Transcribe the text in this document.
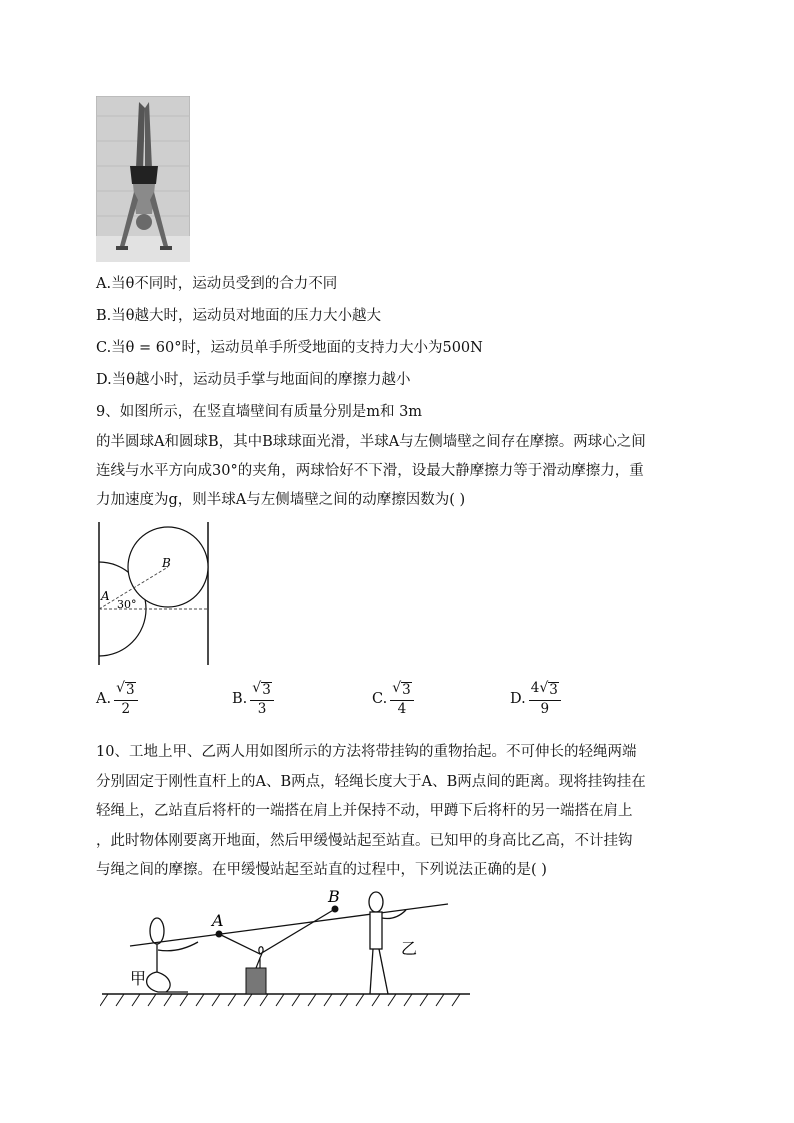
A.当θ不同时，运动员受到的合力不同
B.当θ越大时，运动员对地面的压力大小越大
C.当θ = 60°时，运动员单手所受地面的支持力大小为500N
D.当θ越小时，运动员手掌与地面间的摩擦力越小
9、如图所示，在竖直墙壁间有质量分别是m和 3m
的半圆球A和圆球B，其中B球球面光滑，半球A与左侧墙壁之间存在摩擦。两球心之间
连线与水平方向成30°的夹角，两球恰好不下滑，设最大静摩擦力等于滑动摩擦力，重
力加速度为g，则半球A与左侧墙壁之间的动摩擦因数为( )
B
A
30°
A. $\frac{√ 3}{2}$	B. $\frac{√ 3}{3}$	C. $\frac{√ 3}{4}$	D. $\frac{4 √ 3}{9}$
10、工地上甲、乙两人用如图所示的方法将带挂钩的重物抬起。不可伸长的轻绳两端
分别固定于刚性直杆上的A、B两点，轻绳长度大于A、B两点间的距离。现将挂钩挂在
轻绳上，乙站直后将杆的一端搭在肩上并保持不动，甲蹲下后将杆的另一端搭在肩上
，此时物体刚要离开地面，然后甲缓慢站起至站直。已知甲的身高比乙高，不计挂钩
与绳之间的摩擦。在甲缓慢站起至站直的过程中，下列说法正确的是( )
A
B
甲
乙
